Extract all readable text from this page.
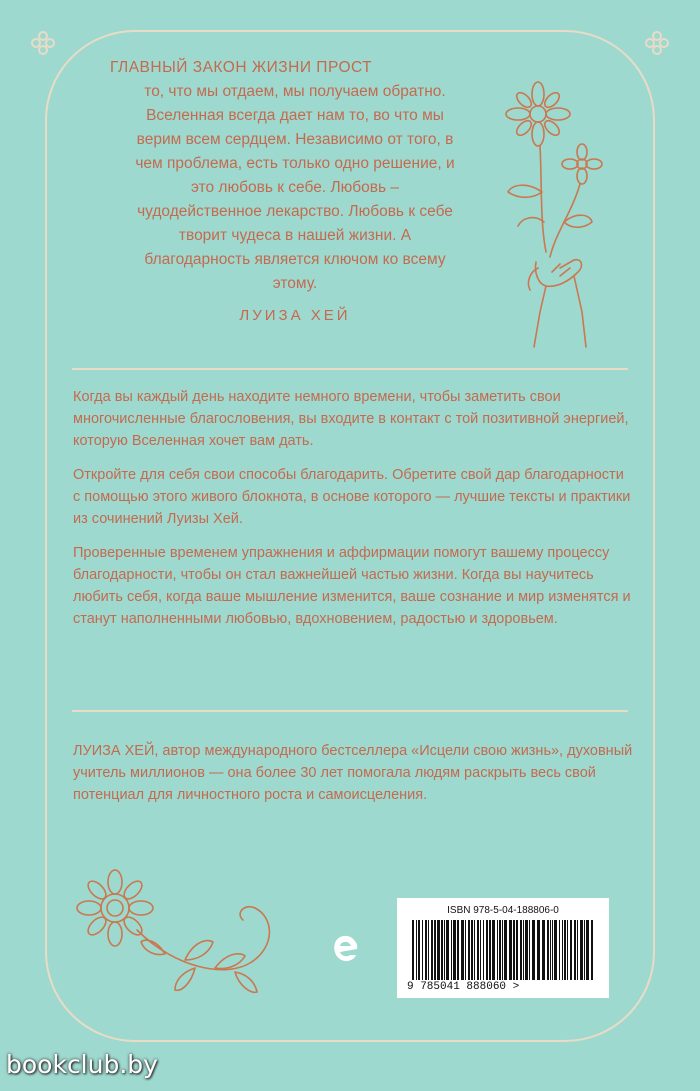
ГЛАВНЫЙ ЗАКОН ЖИЗНИ ПРОСТ
то, что мы отдаем, мы получаем обратно.
Вселенная всегда дает нам то, во что мы
верим всем сердцем. Независимо от того, в
чем проблема, есть только одно решение, и
это любовь к себе. Любовь –
чудодейственное лекарство. Любовь к себе
творит чудеса в нашей жизни. А
благодарность является ключом ко всему
этому.
ЛУИЗА ХЕЙ

Когда вы каждый день находите немного времени, чтобы заметить свои многочисленные благословения, вы входите в контакт с той позитивной энергией, которую Вселенная хочет вам дать.

Откройте для себя свои способы благодарить. Обретите свой дар благодарности с помощью этого живого блокнота, в основе которого — лучшие тексты и практики из сочинений Луизы Хей.

Проверенные временем упражнения и аффирмации помогут вашему процессу благодарности, чтобы он стал важнейшей частью жизни. Когда вы научитесь любить себя, когда ваше мышление изменится, ваше сознание и мир изменятся и станут наполненными любовью, вдохновением, радостью и здоровьем.

ЛУИЗА ХЕЙ, автор международного бестселлера «Исцели свою жизнь», духовный учитель миллионов — она более 30 лет помогала людям раскрыть весь свой потенциал для личностного роста и самоисцеления.

ISBN 978-5-04-188806-0
9 785041 888060 >
bookclub.by
